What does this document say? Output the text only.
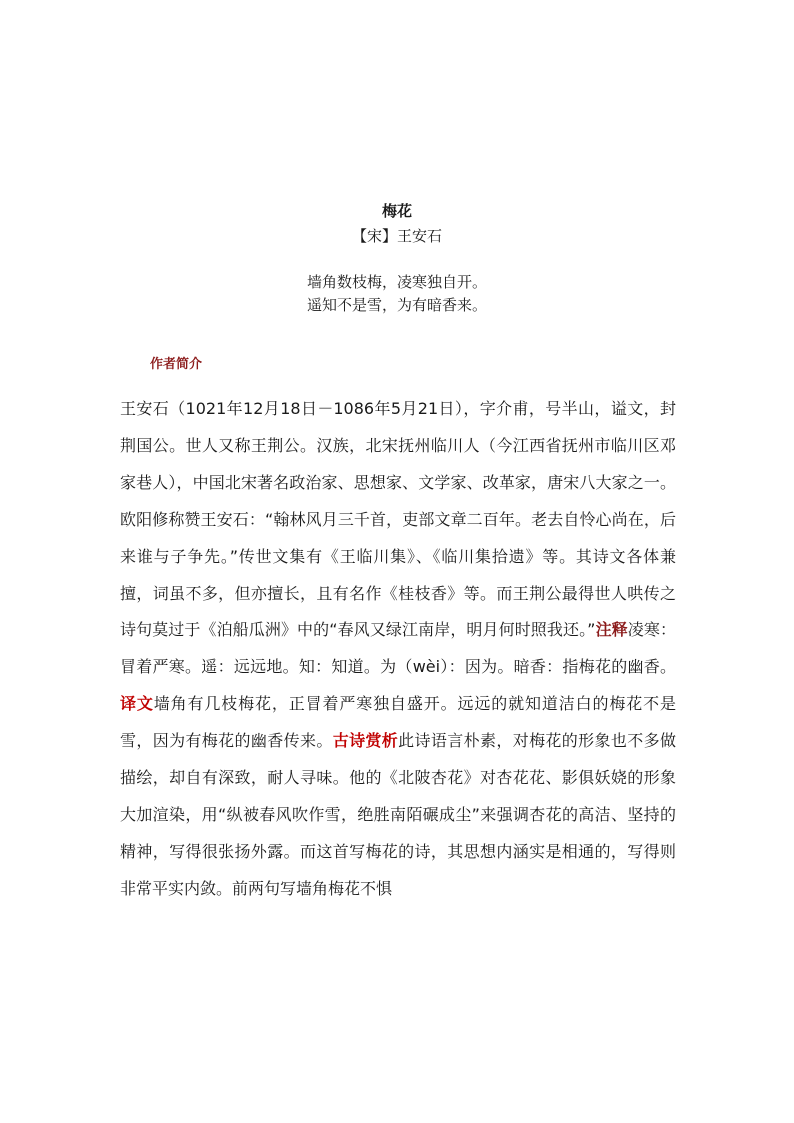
梅花
【宋】王安石
墙角数枝梅，凌寒独自开。
遥知不是雪，为有暗香来。
作者简介

王安石（1021年12月18日－1086年5月21日），字介甫，号半山，谥文，封荆国公。世人又称王荆公。汉族，北宋抚州临川人（今江西省抚州市临川区邓家巷人），中国北宋著名政治家、思想家、文学家、改革家，唐宋八大家之一。欧阳修称赞王安石：“翰林风月三千首，吏部文章二百年。老去自怜心尚在，后来谁与子争先。”传世文集有《王临川集》、《临川集拾遗》等。其诗文各体兼擅，词虽不多，但亦擅长，且有名作《桂枝香》等。而王荆公最得世人哄传之诗句莫过于《泊船瓜洲》中的“春风又绿江南岸，明月何时照我还。”注释凌寒：冒着严寒。遥：远远地。知：知道。为（wèi）：因为。暗香：指梅花的幽香。译文墙角有几枝梅花，正冒着严寒独自盛开。远远的就知道洁白的梅花不是雪，因为有梅花的幽香传来。古诗赏析此诗语言朴素，对梅花的形象也不多做描绘，却自有深致，耐人寻味。他的《北陂杏花》对杏花花、影俱妖娆的形象大加渲染，用“纵被春风吹作雪，绝胜南陌碾成尘”来强调杏花的高洁、坚持的精神，写得很张扬外露。而这首写梅花的诗，其思想内涵实是相通的，写得则非常平实内敛。前两句写墙角梅花不惧
